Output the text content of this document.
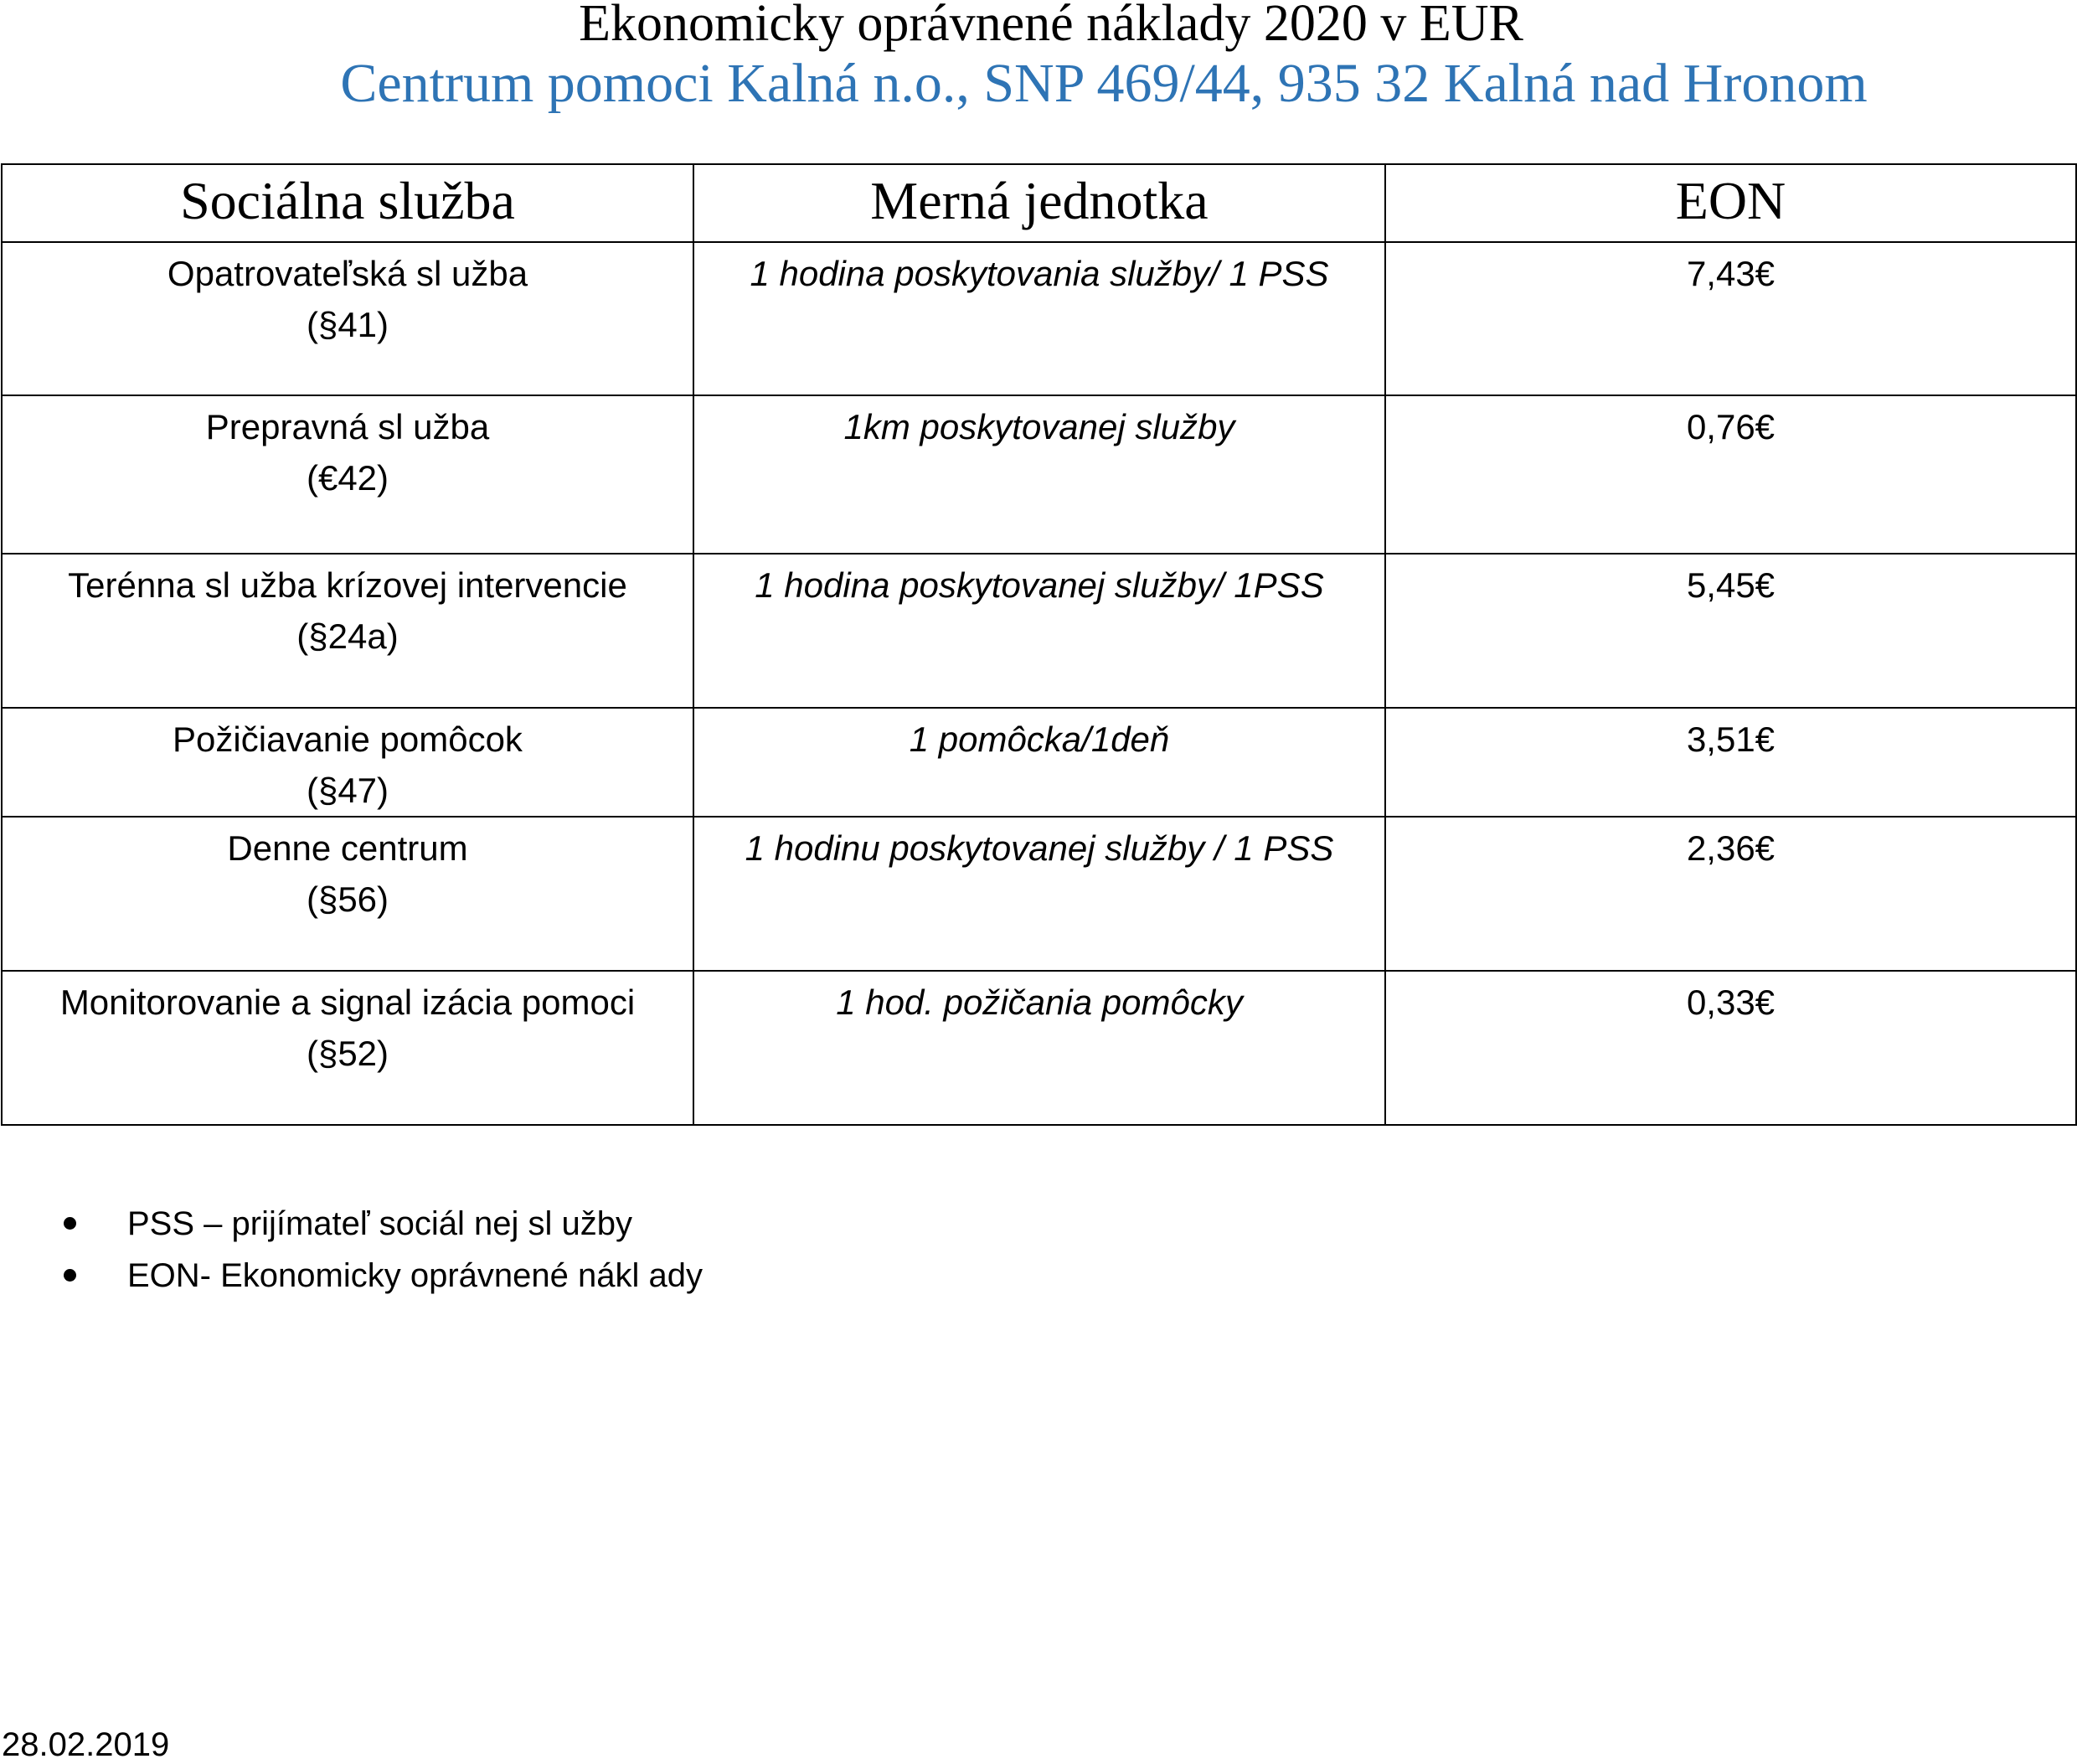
Ekonomicky oprávnené náklady 2020 v EUR
Centrum pomoci Kalná n.o., SNP 469/44, 935 32 Kalná nad Hronom
Sociálna služba	Merná jednotka	EON

Opatrovateľská sl užba
(§41)	1 hodina poskytovania služby/ 1 PSS	7,43€

Prepravná sl užba
(€42)	1km poskytovanej služby	0,76€

Terénna sl užba krízovej intervencie
(§24a)	1 hodina poskytovanej služby/ 1PSS	5,45€

Požičiavanie pomôcok
(§47)	1 pomôcka/1deň	3,51€

Denne centrum
(§56)	1 hodinu poskytovanej služby / 1 PSS	2,36€

Monitorovanie a signal izácia pomoci
(§52)	1 hod. požičania pomôcky	0,33€
PSS – prijímateľ sociál nej sl užby
EON- Ekonomicky oprávnené nákl ady
28.02.2019
